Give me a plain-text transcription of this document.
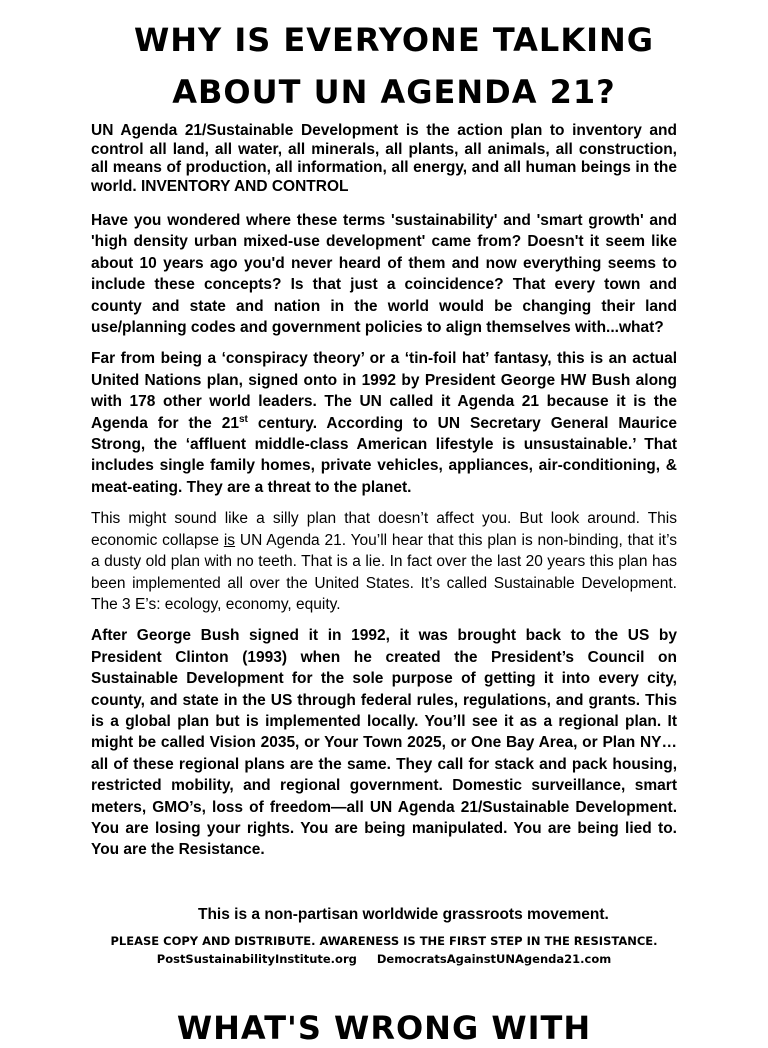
WHY IS EVERYONE TALKING
ABOUT UN AGENDA 21?

UN Agenda 21/Sustainable Development is the action plan to inventory and control all land, all water, all minerals, all plants, all animals, all construction, all means of production, all information, all energy, and all human beings in the world. INVENTORY AND CONTROL

Have you wondered where these terms 'sustainability' and 'smart growth' and 'high density urban mixed-use development' came from? Doesn't it seem like about 10 years ago you'd never heard of them and now everything seems to include these concepts? Is that just a coincidence? That every town and county and state and nation in the world would be changing their land use/planning codes and government policies to align themselves with...what?

Far from being a ‘conspiracy theory’ or a ‘tin-foil hat’ fantasy, this is an actual United Nations plan, signed onto in 1992 by President George HW Bush along with 178 other world leaders. The UN called it Agenda 21 because it is the Agenda for the 21st century. According to UN Secretary General Maurice Strong, the ‘affluent middle-class American lifestyle is unsustainable.’ That includes single family homes, private vehicles, appliances, air-conditioning, & meat-eating. They are a threat to the planet.

This might sound like a silly plan that doesn’t affect you. But look around. This economic collapse is UN Agenda 21. You’ll hear that this plan is non-binding, that it’s a dusty old plan with no teeth. That is a lie. In fact over the last 20 years this plan has been implemented all over the United States. It’s called Sustainable Development. The 3 E’s: ecology, economy, equity.

After George Bush signed it in 1992, it was brought back to the US by President Clinton (1993) when he created the President’s Council on Sustainable Development for the sole purpose of getting it into every city, county, and state in the US through federal rules, regulations, and grants. This is a global plan but is implemented locally. You’ll see it as a regional plan. It might be called Vision 2035, or Your Town 2025, or One Bay Area, or Plan NY…all of these regional plans are the same. They call for stack and pack housing, restricted mobility, and regional government. Domestic surveillance, smart meters, GMO’s, loss of freedom—all UN Agenda 21/Sustainable Development. You are losing your rights. You are being manipulated. You are being lied to. You are the Resistance.

This is a non-partisan worldwide grassroots movement.

PLEASE COPY AND DISTRIBUTE. AWARENESS IS THE FIRST STEP IN THE RESISTANCE.

PostSustainabilityInstitute.org DemocratsAgainstUNAgenda21.com

WHAT'S WRONG WITH
